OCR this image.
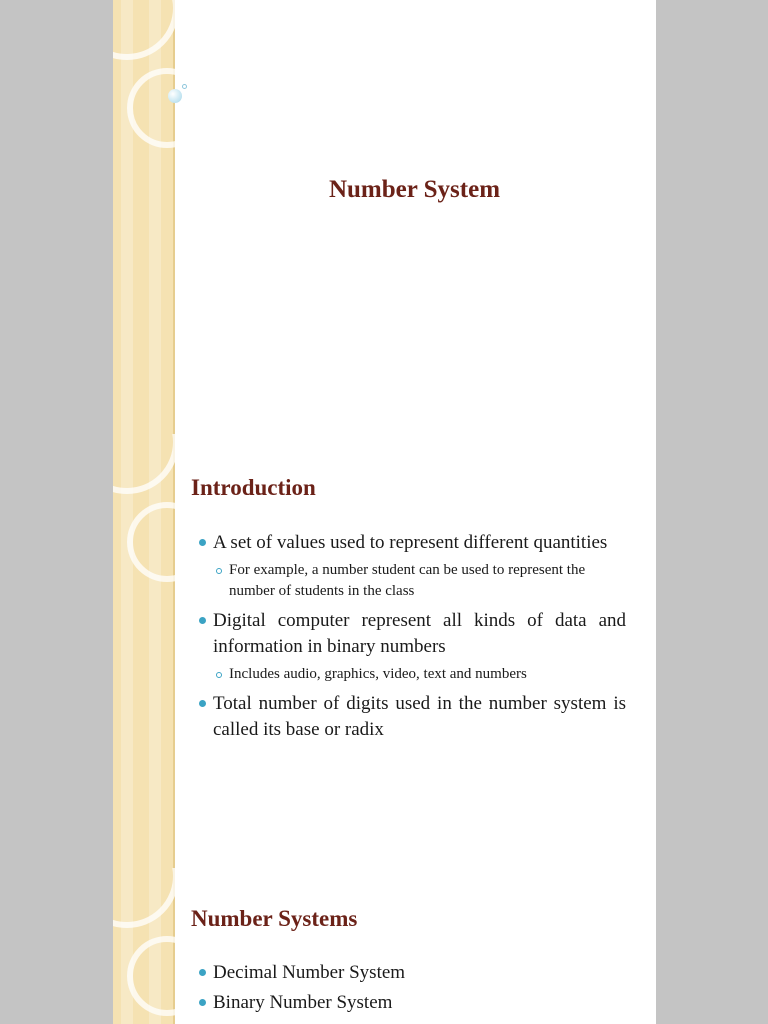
Number System
Introduction
A set of values used to represent different quantities
For example, a number student can be used to represent the number of students in the class
Digital computer represent all kinds of data and information in binary numbers
Includes audio, graphics, video, text and numbers
Total number of digits used in the number system is called its base or radix
Number Systems
Decimal Number System
Binary Number System
